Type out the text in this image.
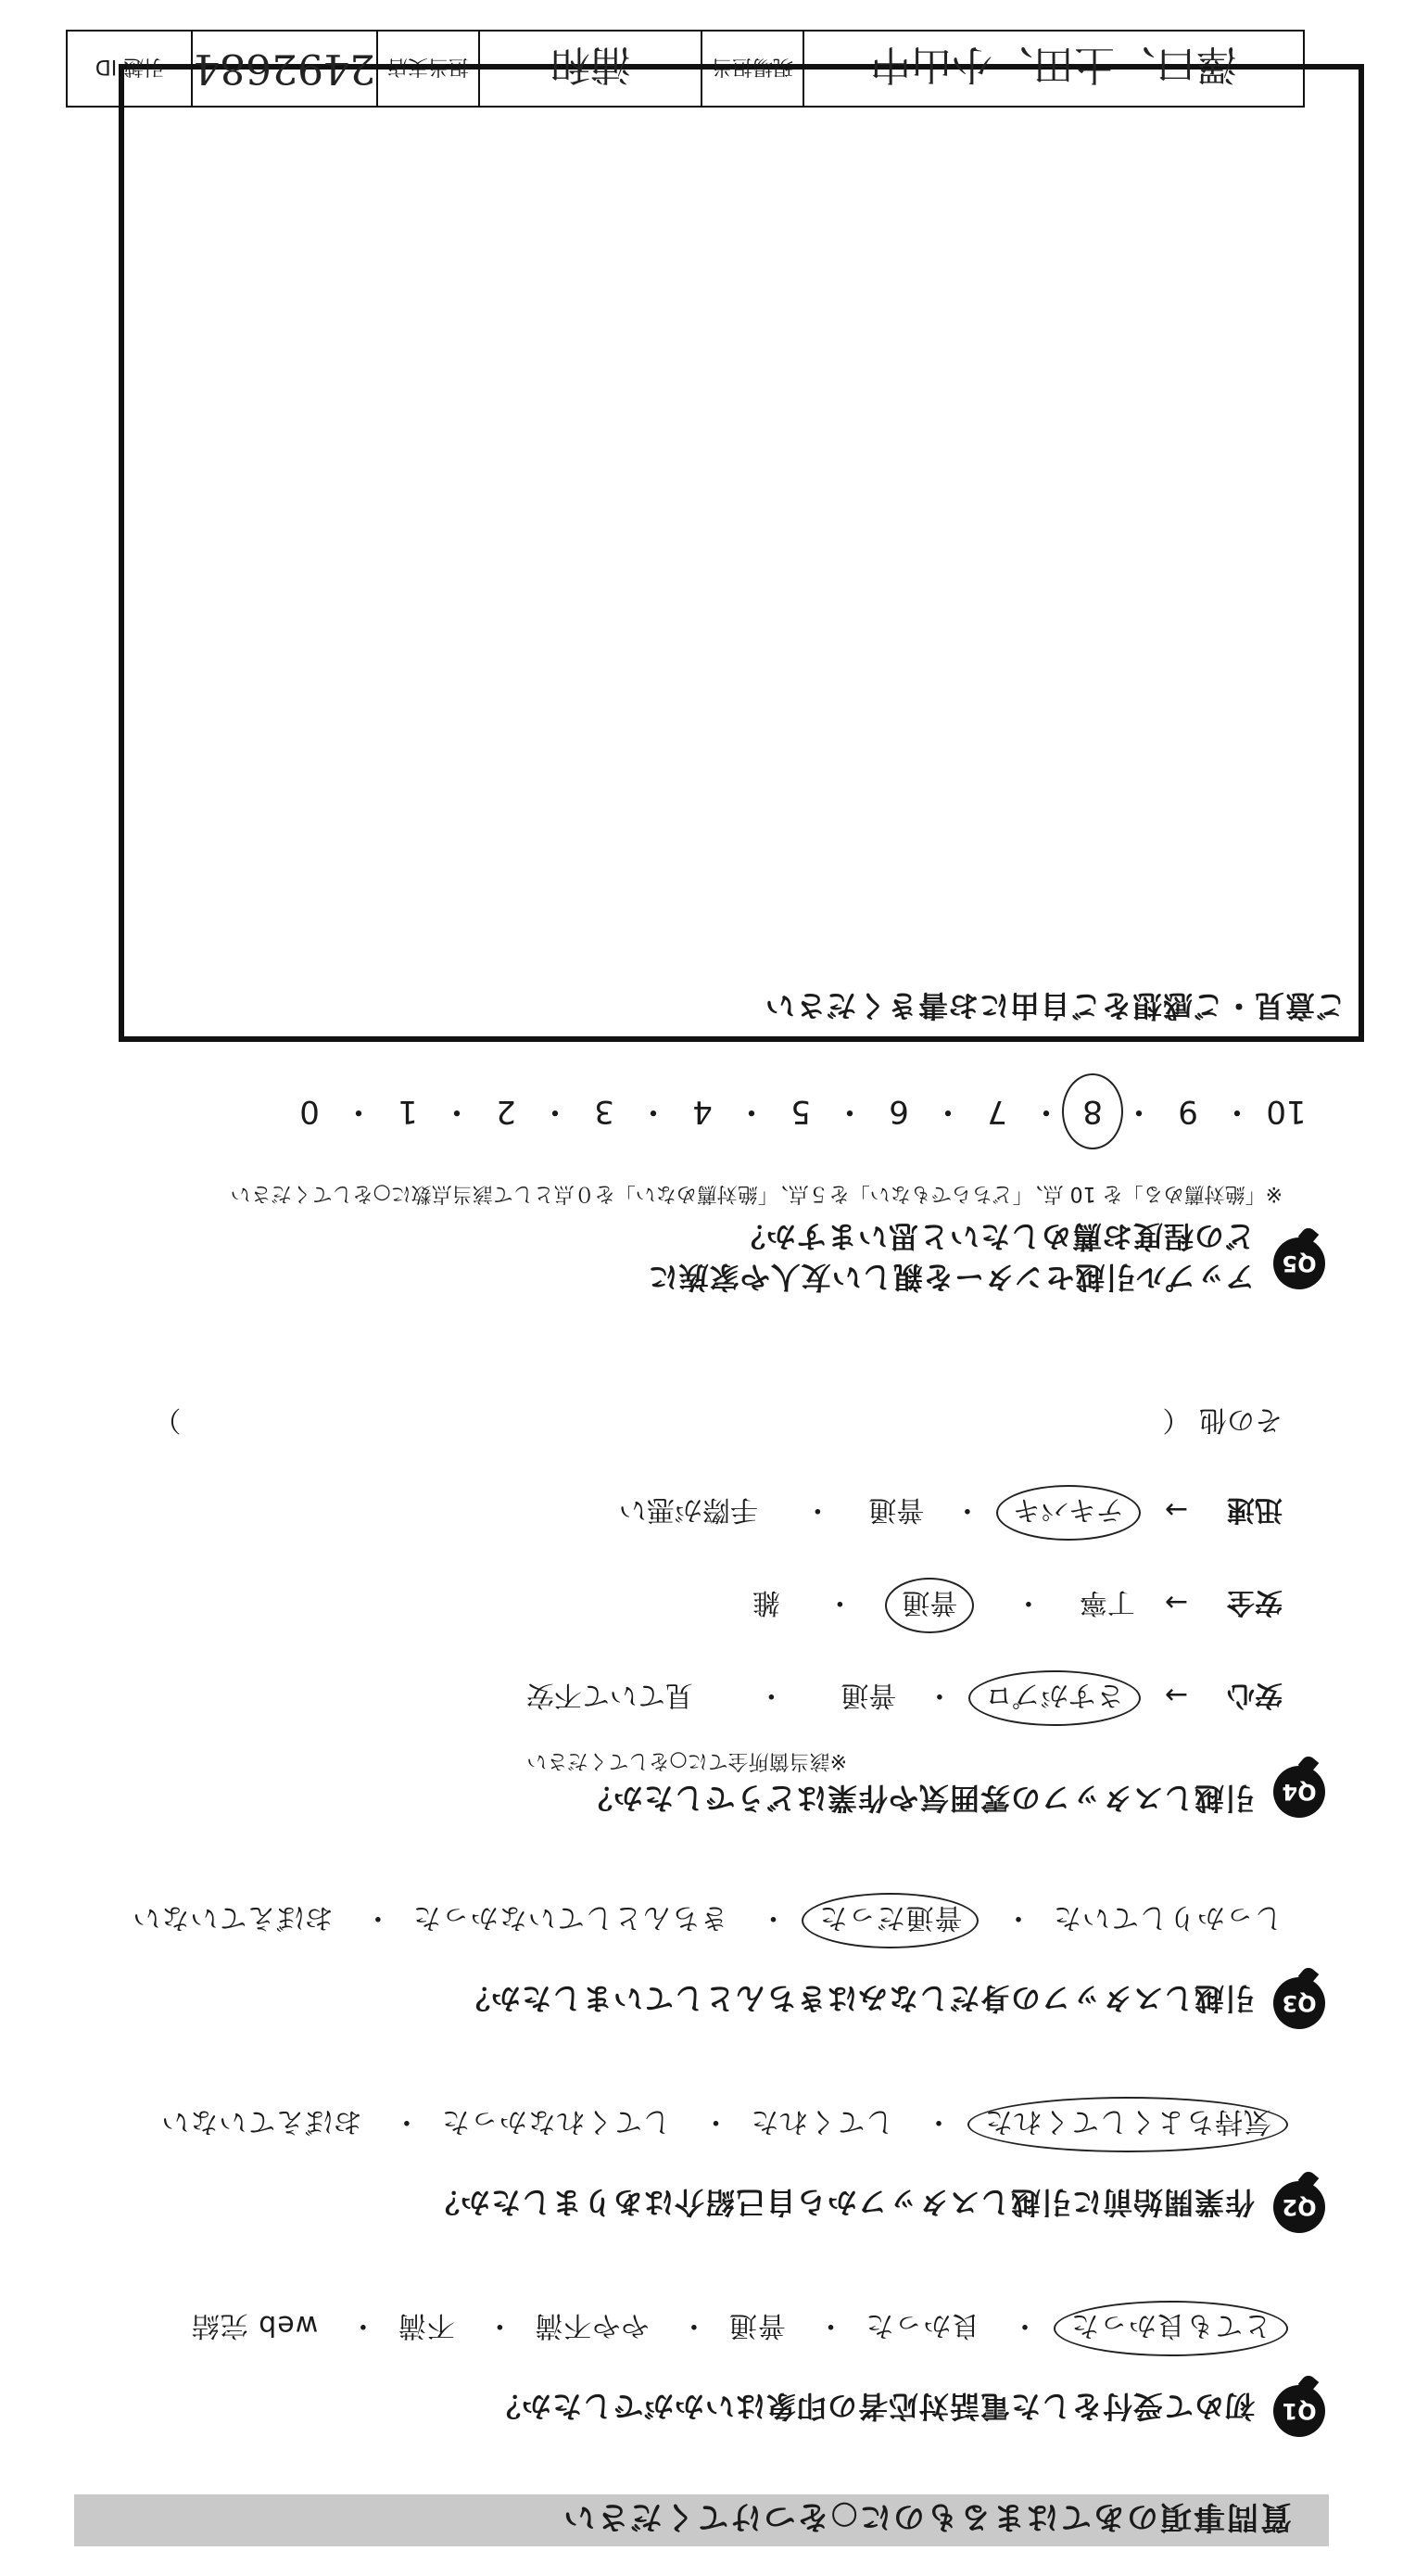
質問事項のあてはまるものに○をつけてください
Q1
初めて受付をした電話対応者の印象はいかがでしたか？
とても良かった・ 良かった・ 普通・ やや不満・ 不満・ web 完結
Q2
作業開始前に引越しスタッフから自己紹介はありましたか？
気持ちよくしてくれた・ してくれた・ してくれなかった・ おぼえていない
Q3
引越しスタッフの身だしなみはきちんとしていましたか？
しっかりしていた・ 普通だった・ きちんとしていなかった・ おぼえていない
Q4
引越しスタッフの雰囲気や作業はどうでしたか？
※該当箇所全てに○をしてください
安心 → さすがプロ・ 普通・ 見ていて不安
安全 → 丁寧・ 普通・ 雑
迅速 → テキパキ・ 普通・ 手際が悪い
その他 （  ）
Q5
アップル引越センターを親しい友人や家族に
どの程度お薦めしたいと思いますか？
※「絶対薦める」を 10 点、「どちらでもない」を５点、「絶対薦めない」を０点として該当点数に○をしてください
10・9・8・7・6・5・4・3・2・1・0
ご意見・ご感想をご自由にお書きください
澤口、土田、小山中
現場担当
浦和
担当支店
2492684
引越 ID
